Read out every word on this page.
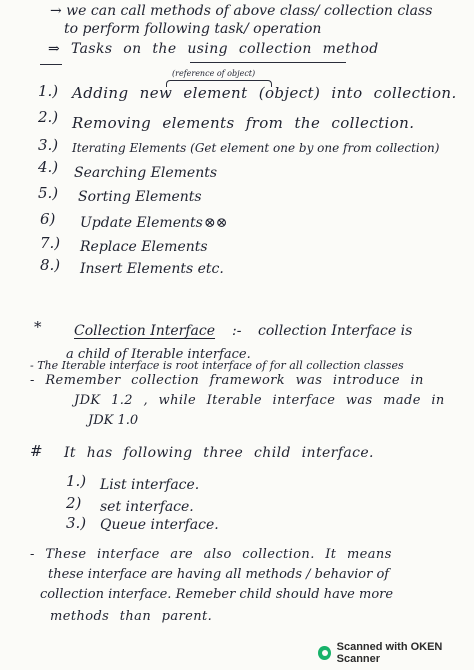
→ we can call methods of above class/ collection class
to perform following task/ operation
⇒ Tasks on the using collection method
(reference of object)
1.) Adding new element (object) into collection.
2.) Removing elements from the collection.
3.) Iterating Elements (Get element one by one from collection)
4.) Searching Elements
5.) Sorting Elements
6) Update Elements ⊗⊗
7.) Replace Elements
8.) Insert Elements etc.
* Collection Interface :- collection Interface is
a child of Iterable interface.
- The Iterable interface is root interface of for all collection classes
- Remember collection framework was introduce in
JDK 1.2 , while Iterable interface was made in
JDK 1.0
# It has following three child interface.
1.) List interface.
2) set interface.
3.) Queue interface.
- These interface are also collection. It means
these interface are having all methods / behavior of
collection interface. Remeber child should have more
methods than parent.
Scanned with OKEN Scanner
